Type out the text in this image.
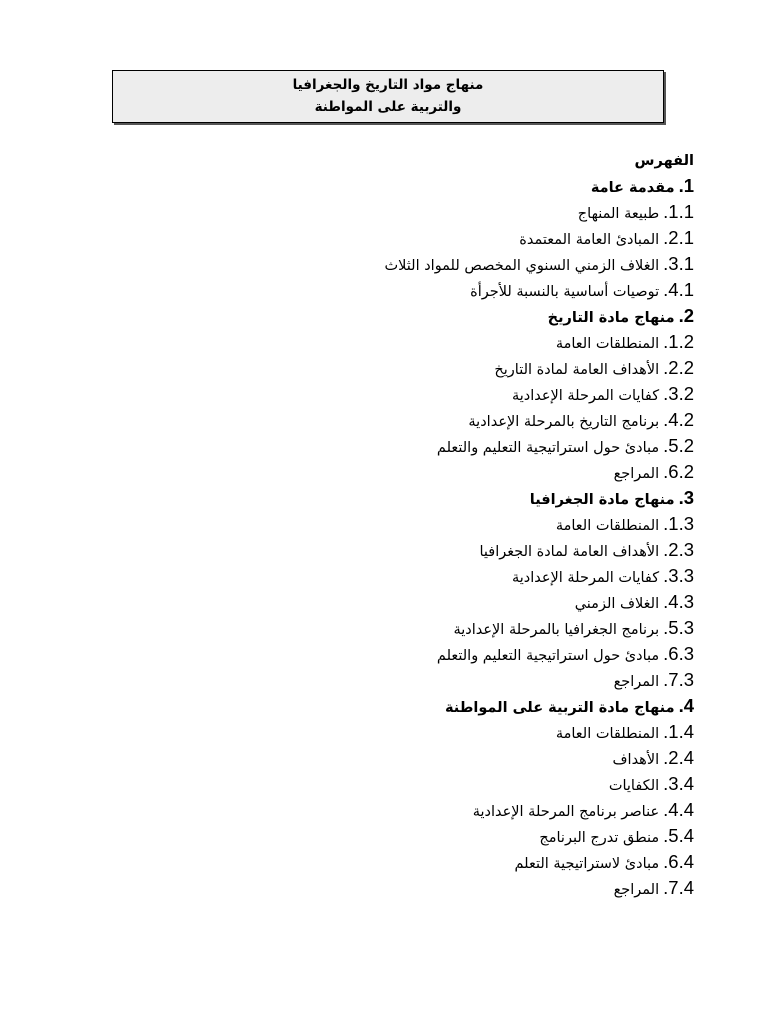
منهاج مواد التاريخ والجغرافيا
والتربية على المواطنة
الفهرس
.1مقدمة عامة
.1.1طبيعة المنهاج
.2.1المبادئ العامة المعتمدة
.3.1الغلاف الزمني السنوي المخصص للمواد الثلاث
.4.1توصيات أساسية بالنسبة للأجرأة
.2منهاج مادة التاريخ
.1.2المنطلقات العامة
.2.2الأهداف العامة لمادة التاريخ
.3.2كفايات المرحلة الإعدادية
.4.2برنامج التاريخ بالمرحلة الإعدادية
.5.2مبادئ حول استراتيجية التعليم والتعلم
.6.2المراجع
.3منهاج مادة الجغرافيا
.1.3المنطلقات العامة
.2.3الأهداف العامة لمادة الجغرافيا
.3.3كفايات المرحلة الإعدادية
.4.3الغلاف الزمني
.5.3برنامج الجغرافيا بالمرحلة الإعدادية
.6.3مبادئ حول استراتيجية التعليم والتعلم
.7.3المراجع
.4منهاج مادة التربية على المواطنة
.1.4المنطلقات العامة
.2.4الأهداف
.3.4الكفايات
.4.4عناصر برنامج المرحلة الإعدادية
.5.4منطق تدرج البرنامج
.6.4مبادئ لاستراتيجية التعلم
.7.4المراجع
